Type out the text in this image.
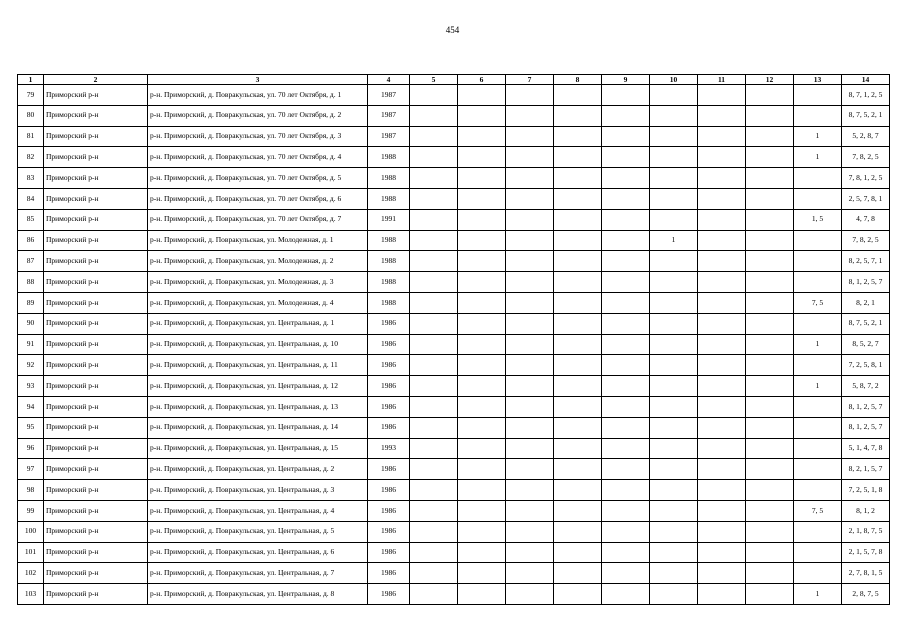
454
1	2	3	4	5	6	7	8	9	10	11	12	13	14
79	Приморский р-н	р-н. Приморский, д. Повракульская, ул. 70 лет Октября, д. 1	1987										8, 7, 1, 2, 5
80	Приморский р-н	р-н. Приморский, д. Повракульская, ул. 70 лет Октября, д. 2	1987										8, 7, 5, 2, 1
81	Приморский р-н	р-н. Приморский, д. Повракульская, ул. 70 лет Октября, д. 3	1987									1	5, 2, 8, 7
82	Приморский р-н	р-н. Приморский, д. Повракульская, ул. 70 лет Октября, д. 4	1988									1	7, 8, 2, 5
83	Приморский р-н	р-н. Приморский, д. Повракульская, ул. 70 лет Октября, д. 5	1988										7, 8, 1, 2, 5
84	Приморский р-н	р-н. Приморский, д. Повракульская, ул. 70 лет Октября, д. 6	1988										2, 5, 7, 8, 1
85	Приморский р-н	р-н. Приморский, д. Повракульская, ул. 70 лет Октября, д. 7	1991									1, 5	4, 7, 8
86	Приморский р-н	р-н. Приморский, д. Повракульская, ул. Молодежная, д. 1	1988						1				7, 8, 2, 5
87	Приморский р-н	р-н. Приморский, д. Повракульская, ул. Молодежная, д. 2	1988										8, 2, 5, 7, 1
88	Приморский р-н	р-н. Приморский, д. Повракульская, ул. Молодежная, д. 3	1988										8, 1, 2, 5, 7
89	Приморский р-н	р-н. Приморский, д. Повракульская, ул. Молодежная, д. 4	1988									7, 5	8, 2, 1
90	Приморский р-н	р-н. Приморский, д. Повракульская, ул. Центральная, д. 1	1986										8, 7, 5, 2, 1
91	Приморский р-н	р-н. Приморский, д. Повракульская, ул. Центральная, д. 10	1986									1	8, 5, 2, 7
92	Приморский р-н	р-н. Приморский, д. Повракульская, ул. Центральная, д. 11	1986										7, 2, 5, 8, 1
93	Приморский р-н	р-н. Приморский, д. Повракульская, ул. Центральная, д. 12	1986									1	5, 8, 7, 2
94	Приморский р-н	р-н. Приморский, д. Повракульская, ул. Центральная, д. 13	1986										8, 1, 2, 5, 7
95	Приморский р-н	р-н. Приморский, д. Повракульская, ул. Центральная, д. 14	1986										8, 1, 2, 5, 7
96	Приморский р-н	р-н. Приморский, д. Повракульская, ул. Центральная, д. 15	1993										5, 1, 4, 7, 8
97	Приморский р-н	р-н. Приморский, д. Повракульская, ул. Центральная, д. 2	1986										8, 2, 1, 5, 7
98	Приморский р-н	р-н. Приморский, д. Повракульская, ул. Центральная, д. 3	1986										7, 2, 5, 1, 8
99	Приморский р-н	р-н. Приморский, д. Повракульская, ул. Центральная, д. 4	1986									7, 5	8, 1, 2
100	Приморский р-н	р-н. Приморский, д. Повракульская, ул. Центральная, д. 5	1986										2, 1, 8, 7, 5
101	Приморский р-н	р-н. Приморский, д. Повракульская, ул. Центральная, д. 6	1986										2, 1, 5, 7, 8
102	Приморский р-н	р-н. Приморский, д. Повракульская, ул. Центральная, д. 7	1986										2, 7, 8, 1, 5
103	Приморский р-н	р-н. Приморский, д. Повракульская, ул. Центральная, д. 8	1986									1	2, 8, 7, 5
